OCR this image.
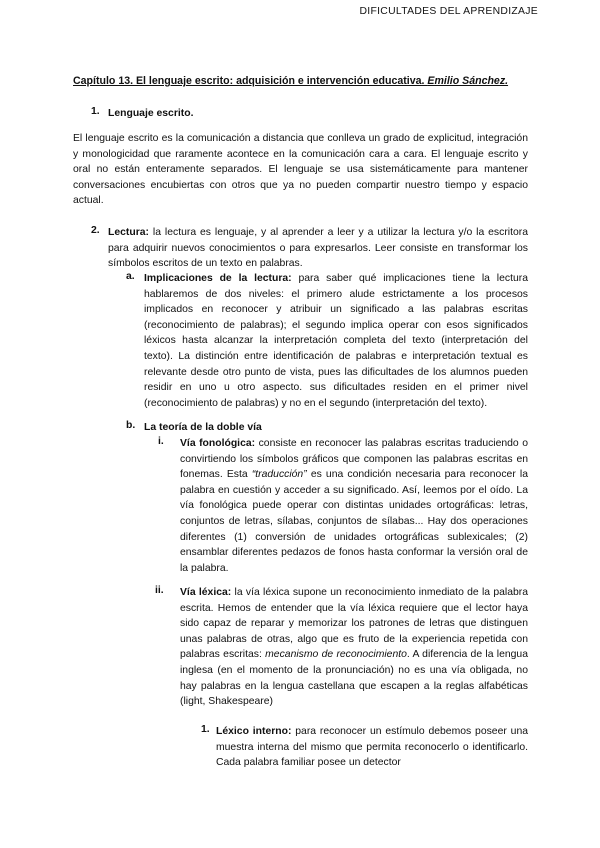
DIFICULTADES DEL APRENDIZAJE
Capítulo 13. El lenguaje escrito: adquisición e intervención educativa. Emilio Sánchez.
1. Lenguaje escrito.
El lenguaje escrito es la comunicación a distancia que conlleva un grado de explicitud, integración y monologicidad que raramente acontece en la comunicación cara a cara. El lenguaje escrito y oral no están enteramente separados. El lenguaje se usa sistemáticamente para mantener conversaciones encubiertas con otros que ya no pueden compartir nuestro tiempo y espacio actual.
2. Lectura: la lectura es lenguaje, y al aprender a leer y a utilizar la lectura y/o la escritora para adquirir nuevos conocimientos o para expresarlos. Leer consiste en transformar los símbolos escritos de un texto en palabras.
a. Implicaciones de la lectura: para saber qué implicaciones tiene la lectura hablaremos de dos niveles: el primero alude estrictamente a los procesos implicados en reconocer y atribuir un significado a las palabras escritas (reconocimiento de palabras); el segundo implica operar con esos significados léxicos hasta alcanzar la interpretación completa del texto (interpretación del texto). La distinción entre identificación de palabras e interpretación textual es relevante desde otro punto de vista, pues las dificultades de los alumnos pueden residir en uno u otro aspecto. sus dificultades residen en el primer nivel (reconocimiento de palabras) y no en el segundo (interpretación del texto).
b. La teoría de la doble vía
i. Vía fonológica: consiste en reconocer las palabras escritas traduciendo o convirtiendo los símbolos gráficos que componen las palabras escritas en fonemas. Esta “traducción” es una condición necesaria para reconocer la palabra en cuestión y acceder a su significado. Así, leemos por el oído. La vía fonológica puede operar con distintas unidades ortográficas: letras, conjuntos de letras, sílabas, conjuntos de sílabas... Hay dos operaciones diferentes (1) conversión de unidades ortográficas sublexicales; (2) ensamblar diferentes pedazos de fonos hasta conformar la versión oral de la palabra.
ii. Vía léxica: la vía léxica supone un reconocimiento inmediato de la palabra escrita. Hemos de entender que la vía léxica requiere que el lector haya sido capaz de reparar y memorizar los patrones de letras que distinguen unas palabras de otras, algo que es fruto de la experiencia repetida con palabras escritas: mecanismo de reconocimiento. A diferencia de la lengua inglesa (en el momento de la pronunciación) no es una vía obligada, no hay palabras en la lengua castellana que escapen a la reglas alfabéticas (light, Shakespeare)
1. Léxico interno: para reconocer un estímulo debemos poseer una muestra interna del mismo que permita reconocerlo o identificarlo. Cada palabra familiar posee un detector
